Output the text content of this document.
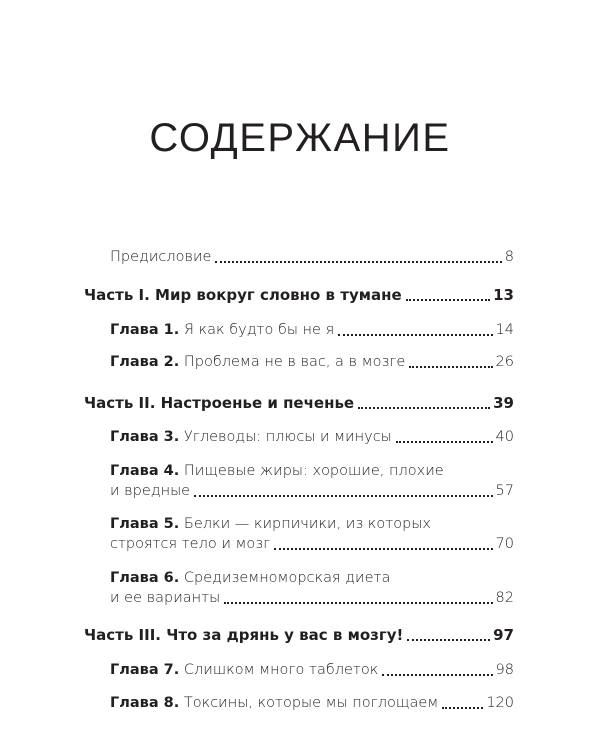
СОДЕРЖАНИЕ
Предисловие	8
Часть I. Мир вокруг словно в тумане	13
Глава 1. Я как будто бы не я	14
Глава 2. Проблема не в вас, а в мозге	26
Часть II. Настроенье и печенье	39
Глава 3. Углеводы: плюсы и минусы	40
Глава 4. Пищевые жиры: хорошие, плохие
и вредные	57
Глава 5. Белки — кирпичики, из которых
строятся тело и мозг	70
Глава 6. Средиземноморская диета
и ее варианты	82
Часть III. Что за дрянь у вас в мозгу!	97
Глава 7. Слишком много таблеток	98
Глава 8. Токсины, которые мы поглощаем	120
